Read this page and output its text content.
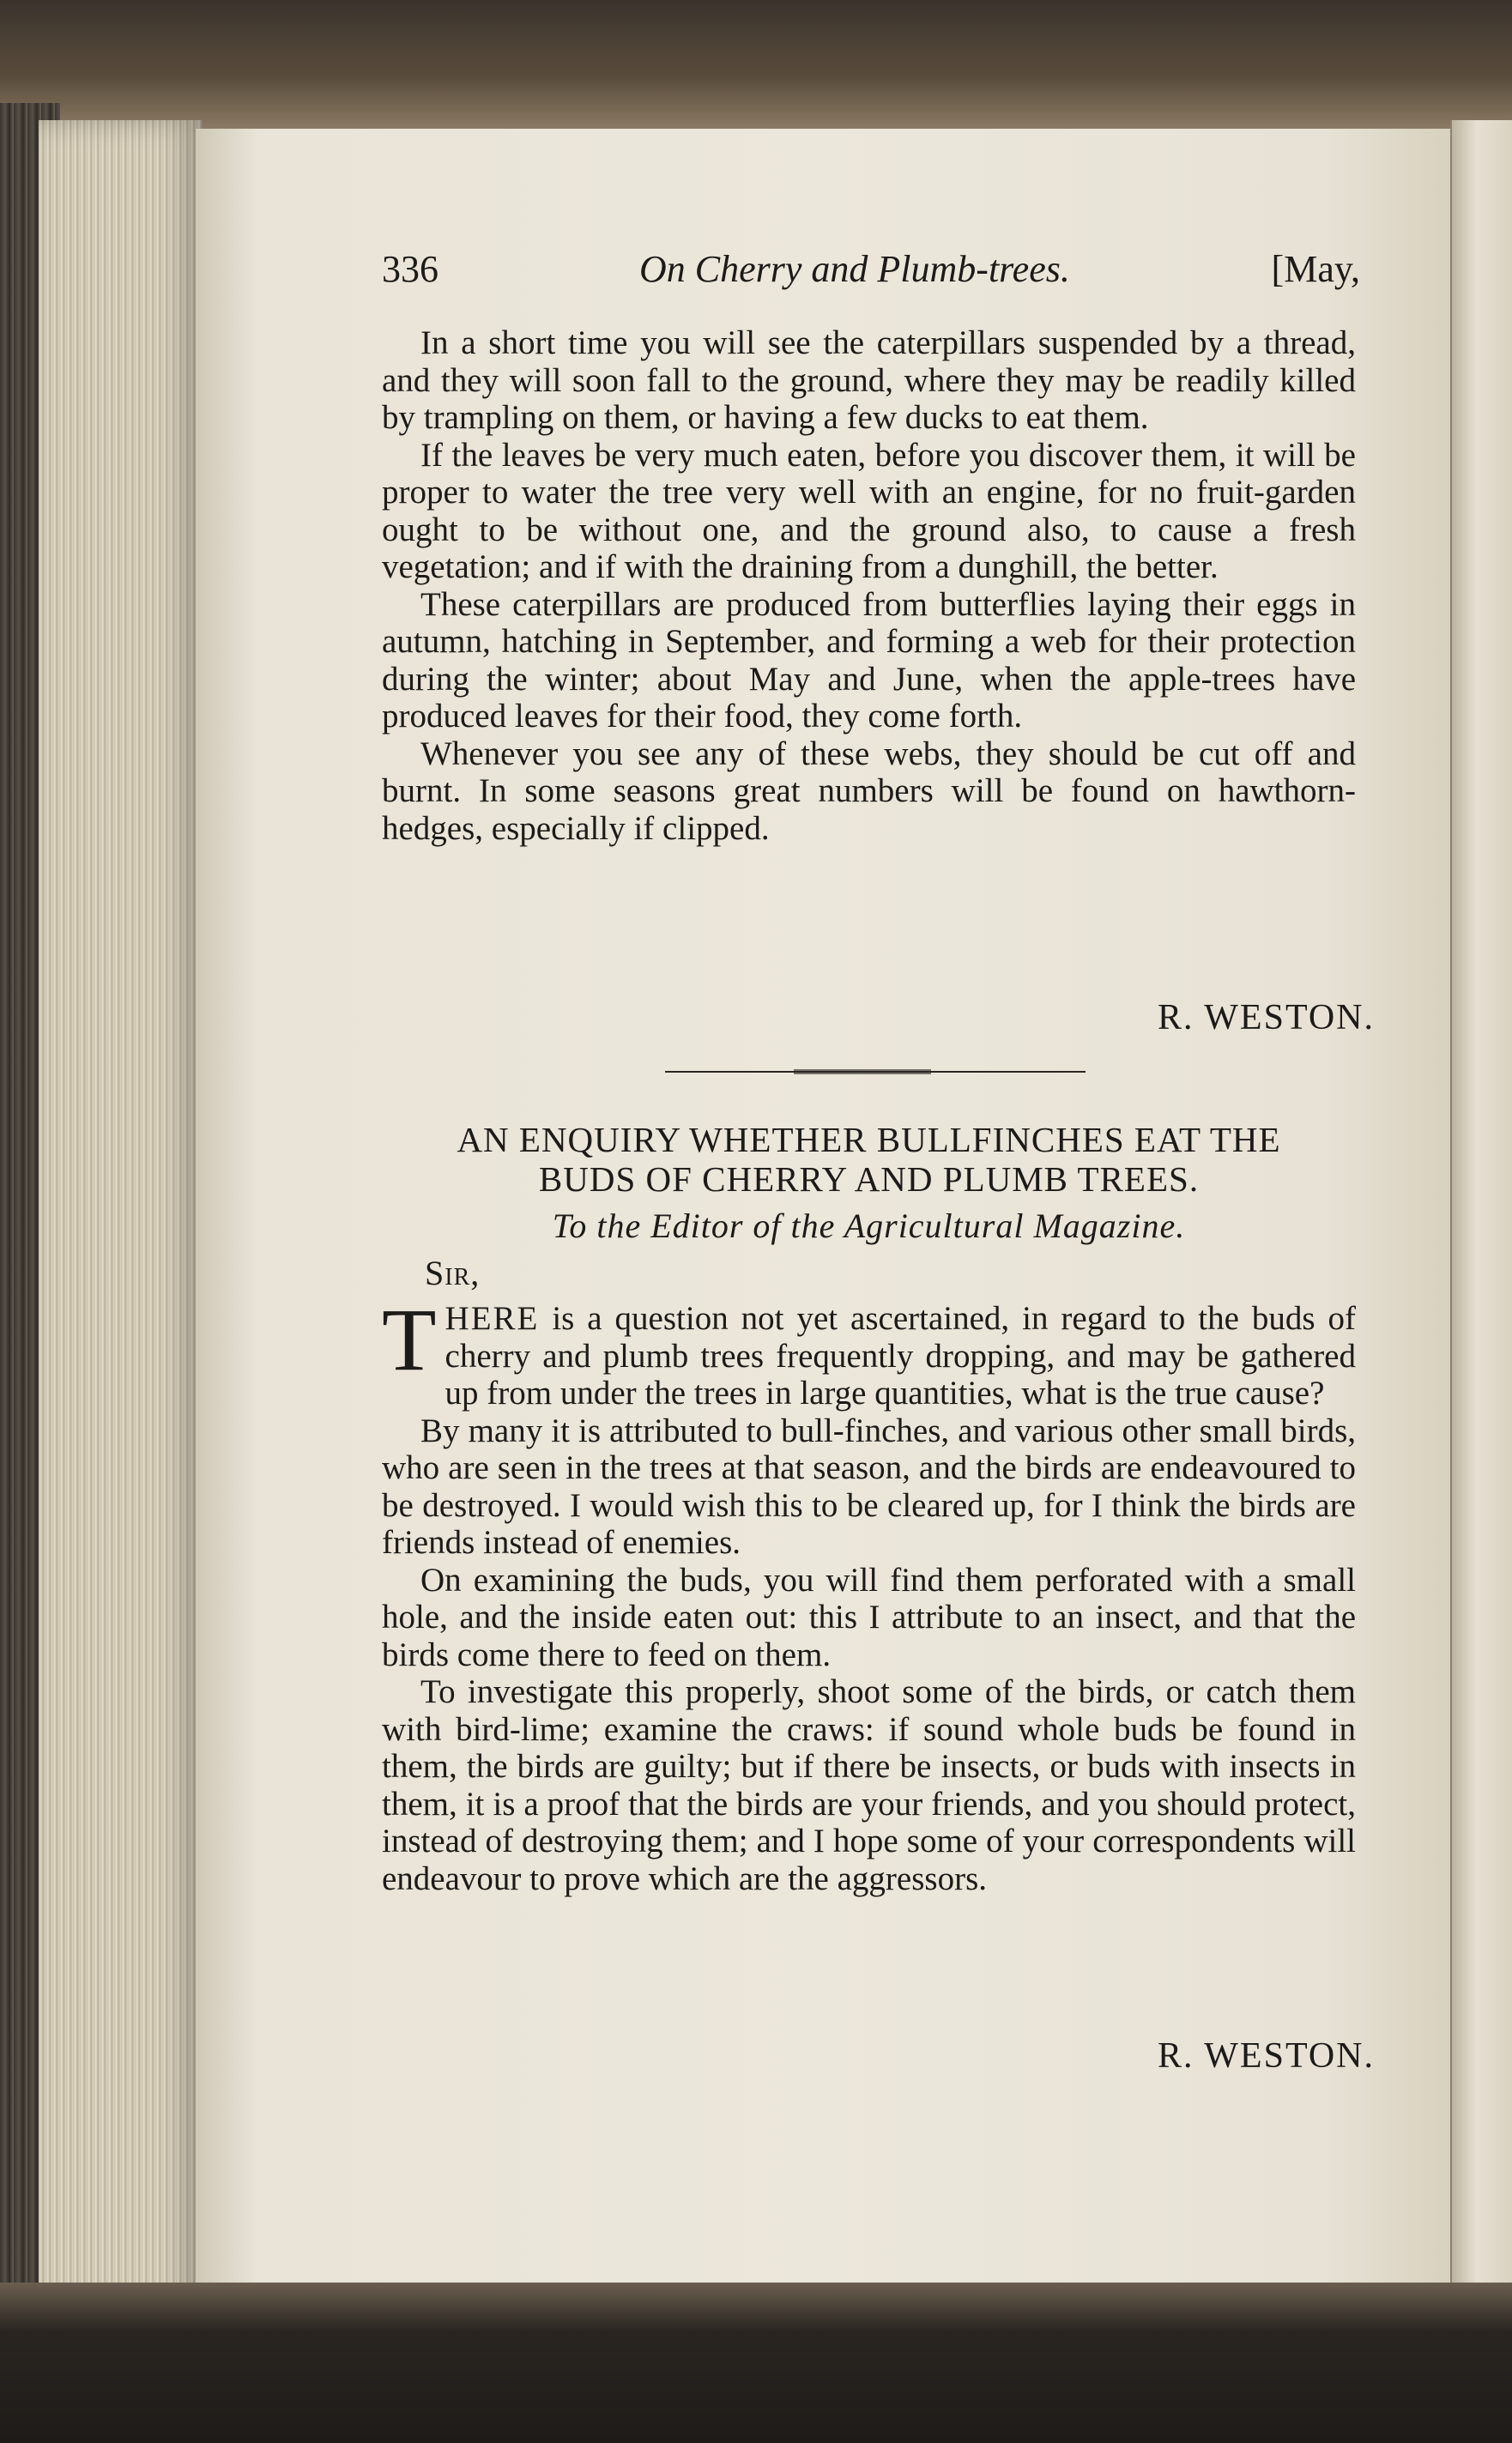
336	On Cherry and Plumb-trees.	[May,

In a short time you will see the caterpillars suspended by a thread, and they will soon fall to the ground, where they may be readily killed by trampling on them, or having a few ducks to eat them.

If the leaves be very much eaten, before you discover them, it will be proper to water the tree very well with an engine, for no fruit-garden ought to be without one, and the ground also, to cause a fresh vegetation; and if with the draining from a dunghill, the better.

These caterpillars are produced from butterflies laying their eggs in autumn, hatching in September, and forming a web for their protection during the winter; about May and June, when the apple-trees have produced leaves for their food, they come forth.

Whenever you see any of these webs, they should be cut off and burnt. In some seasons great numbers will be found on hawthorn-hedges, especially if clipped.

R. WESTON.
AN ENQUIRY WHETHER BULLFINCHES EAT THE
BUDS OF CHERRY AND PLUMB TREES.
To the Editor of the Agricultural Magazine.
Sir,

THERE is a question not yet ascertained, in regard to the buds of cherry and plumb trees frequently dropping, and may be gathered up from under the trees in large quantities, what is the true cause?

By many it is attributed to bull-finches, and various other small birds, who are seen in the trees at that season, and the birds are endeavoured to be destroyed. I would wish this to be cleared up, for I think the birds are friends instead of enemies.

On examining the buds, you will find them perforated with a small hole, and the inside eaten out: this I attribute to an insect, and that the birds come there to feed on them.

To investigate this properly, shoot some of the birds, or catch them with bird-lime; examine the craws: if sound whole buds be found in them, the birds are guilty; but if there be insects, or buds with insects in them, it is a proof that the birds are your friends, and you should protect, instead of destroying them; and I hope some of your correspondents will endeavour to prove which are the aggressors.

R. WESTON.
